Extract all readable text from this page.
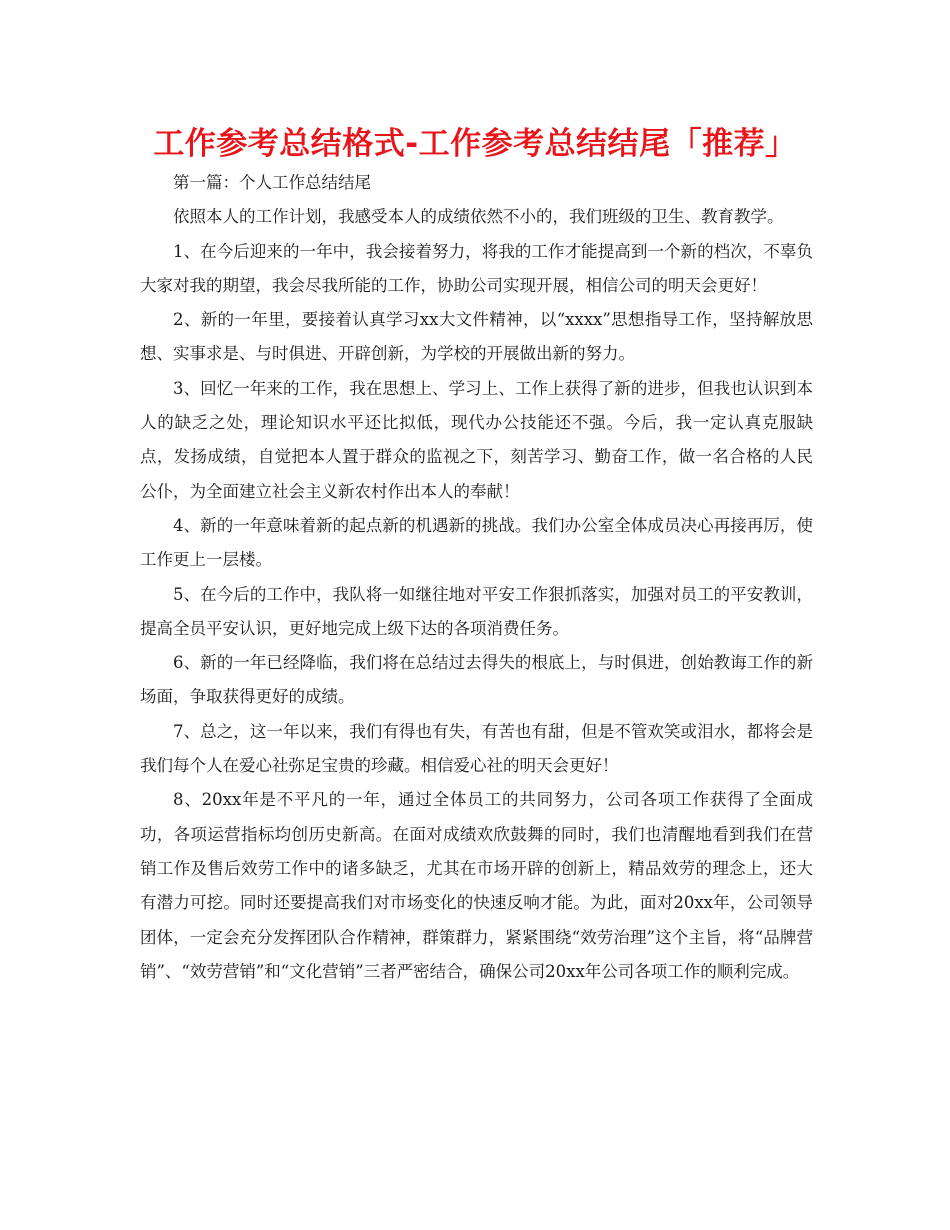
工作参考总结格式-工作参考总结结尾「推荐」

第一篇：个人工作总结结尾

依照本人的工作计划，我感受本人的成绩依然不小的，我们班级的卫生、教育教学。

1、在今后迎来的一年中，我会接着努力，将我的工作才能提高到一个新的档次，不辜负大家对我的期望，我会尽我所能的工作，协助公司实现开展，相信公司的明天会更好！

2、新的一年里，要接着认真学习xx大文件精神，以“xxxx”思想指导工作，坚持解放思想、实事求是、与时俱进、开辟创新，为学校的开展做出新的努力。

3、回忆一年来的工作，我在思想上、学习上、工作上获得了新的进步，但我也认识到本人的缺乏之处，理论知识水平还比拟低，现代办公技能还不强。今后，我一定认真克服缺点，发扬成绩，自觉把本人置于群众的监视之下，刻苦学习、勤奋工作，做一名合格的人民公仆，为全面建立社会主义新农村作出本人的奉献！

4、新的一年意味着新的起点新的机遇新的挑战。我们办公室全体成员决心再接再厉，使工作更上一层楼。

5、在今后的工作中，我队将一如继往地对平安工作狠抓落实，加强对员工的平安教训，提高全员平安认识，更好地完成上级下达的各项消费任务。

6、新的一年已经降临，我们将在总结过去得失的根底上，与时俱进，创始教诲工作的新场面，争取获得更好的成绩。

7、总之，这一年以来，我们有得也有失，有苦也有甜，但是不管欢笑或泪水，都将会是我们每个人在爱心社弥足宝贵的珍藏。相信爱心社的明天会更好！

8、20xx年是不平凡的一年，通过全体员工的共同努力，公司各项工作获得了全面成功，各项运营指标均创历史新高。在面对成绩欢欣鼓舞的同时，我们也清醒地看到我们在营销工作及售后效劳工作中的诸多缺乏，尤其在市场开辟的创新上，精品效劳的理念上，还大有潜力可挖。同时还要提高我们对市场变化的快速反响才能。为此，面对20xx年，公司领导团体，一定会充分发挥团队合作精神，群策群力，紧紧围绕“效劳治理”这个主旨，将“品牌营销”、“效劳营销”和“文化营销”三者严密结合，确保公司20xx年公司各项工作的顺利完成。
